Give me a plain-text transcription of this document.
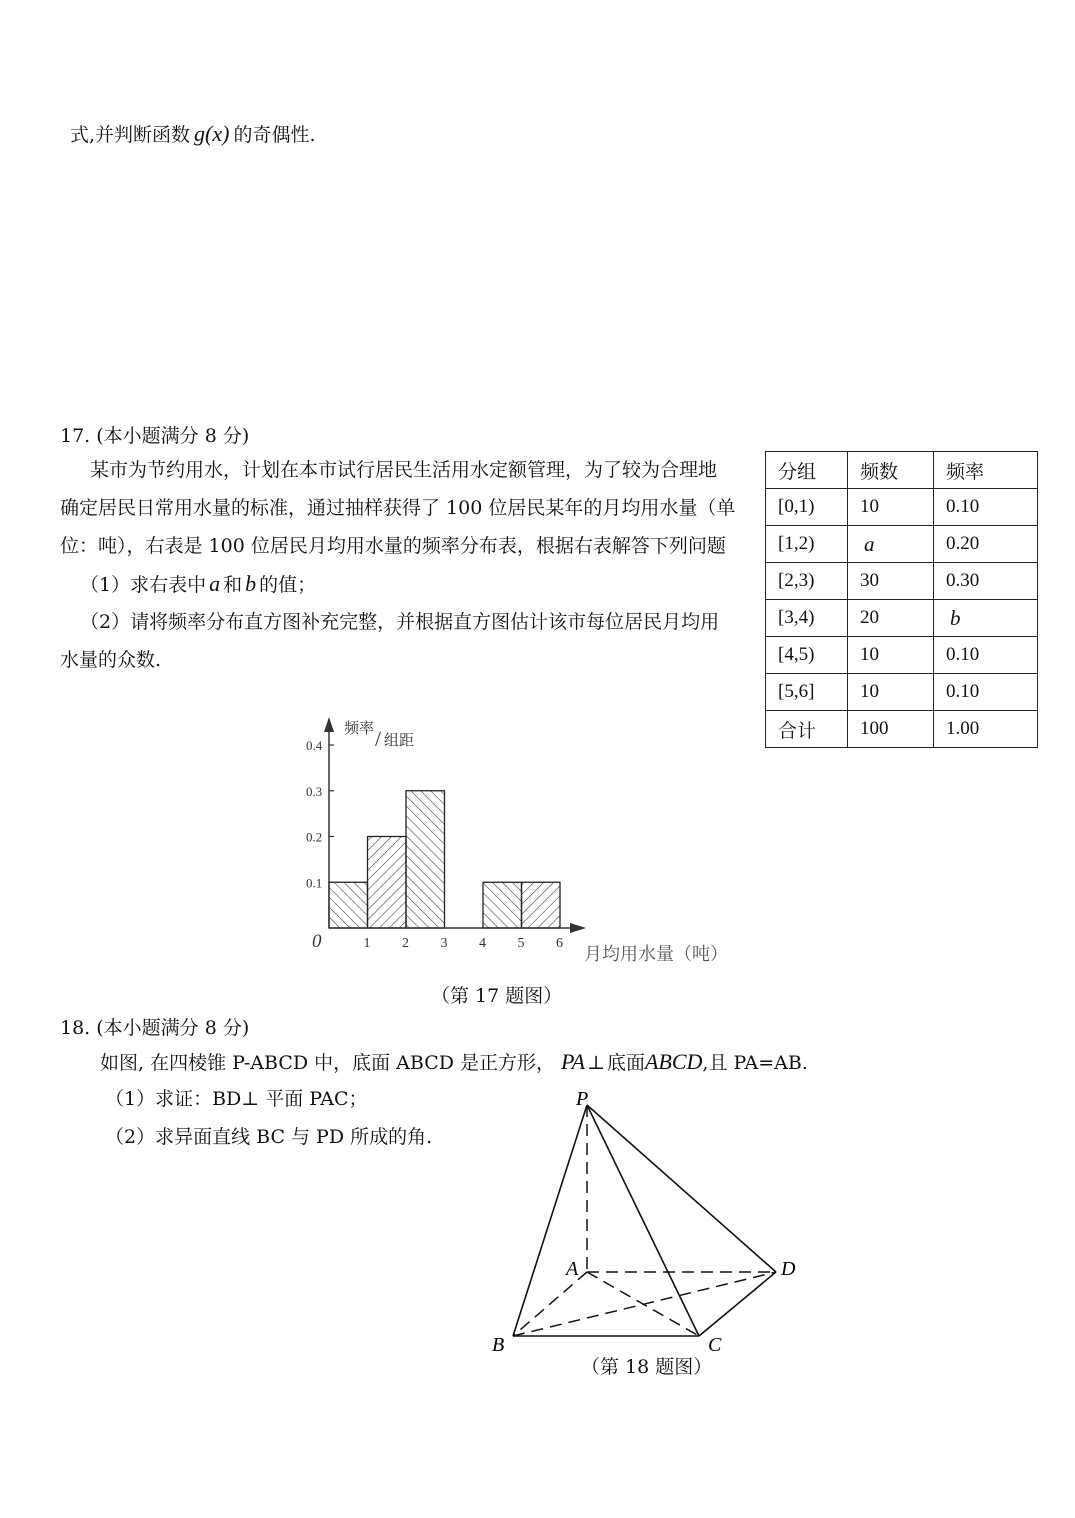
式,并判断函数 g(x) 的奇偶性.
17. (本小题满分 8 分)
某市为节约用水，计划在本市试行居民生活用水定额管理，为了较为合理地
确定居民日常用水量的标准，通过抽样获得了 100 位居民某年的月均用水量（单
位：吨），右表是 100 位居民月均用水量的频率分布表，根据右表解答下列问题
（1）求右表中 a 和 b 的值；
（2）请将频率分布直方图补充完整，并根据直方图估计该市每位居民月均用
水量的众数.
分组	频数	频率
[0,1)	10	0.10
[1,2)	a	0.20
[2,3)	30	0.30
[3,4)	20	b
[4,5)	10	0.10
[5,6]	10	0.10
合计	100	1.00
1 2 3 4 5 6
0.1
0.2
0.3
0.4
频率 / 组距
0
月均用水量（吨）
（第 17 题图）
18. (本小题满分 8 分)
如图, 在四棱锥 P-ABCD 中，底面 ABCD 是正方形， PA ⊥ 底面ABCD,且 PA=AB.
（1）求证：BD⊥ 平面 PAC；
（2）求异面直线 BC 与 PD 所成的角.
P
A
B	C
D
（第 18 题图）
